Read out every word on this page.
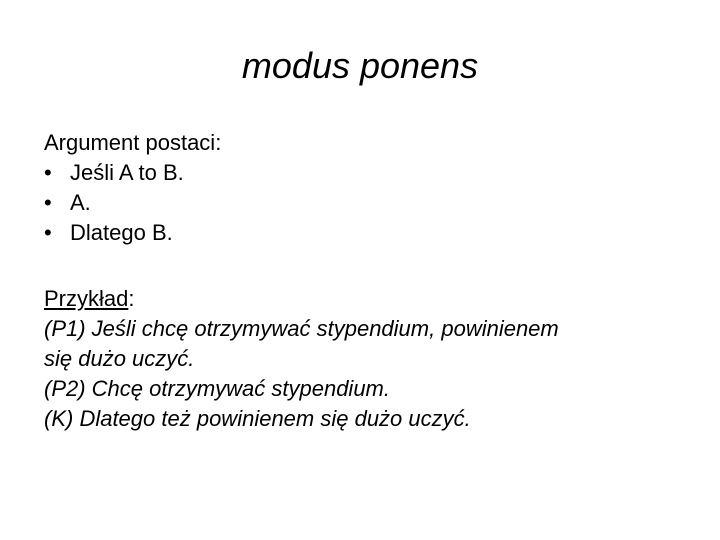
modus ponens

Argument postaci:

• Jeśli A to B.
• A.
• Dlatego B.

Przykład:

(P1) Jeśli chcę otrzymywać stypendium, powinienem

się dużo uczyć.

(P2) Chcę otrzymywać stypendium.

(K) Dlatego też powinienem się dużo uczyć.
